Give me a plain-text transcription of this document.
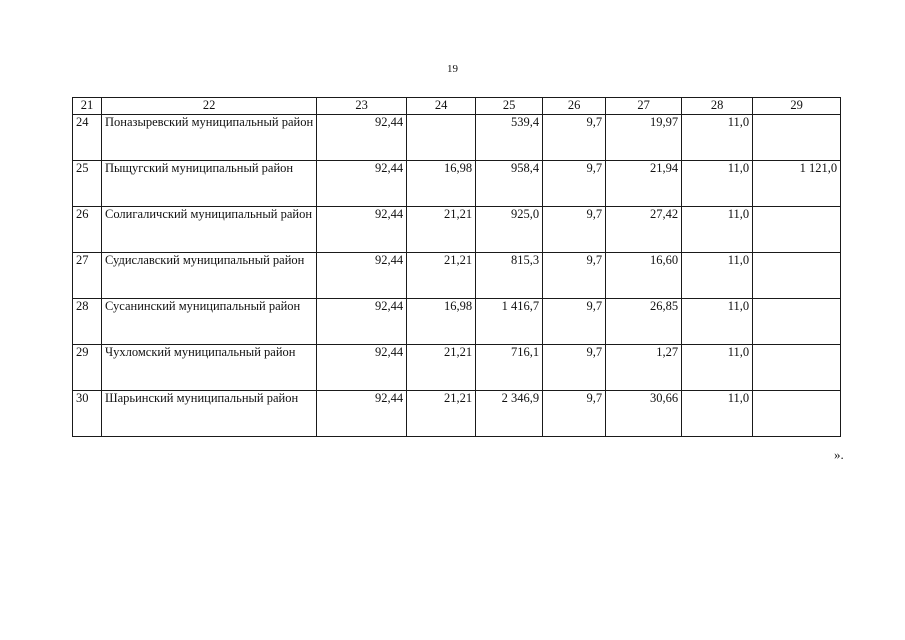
19
21	22	23	24	25	26	27	28	29
24	Поназыревский муниципальный район	92,44		539,4	9,7	19,97	11,0	
25	Пыщугский муниципальный район	92,44	16,98	958,4	9,7	21,94	11,0	1 121,0
26	Солигаличский муниципальный район	92,44	21,21	925,0	9,7	27,42	11,0	
27	Судиславский муниципальный район	92,44	21,21	815,3	9,7	16,60	11,0	
28	Сусанинский муниципальный район	92,44	16,98	1 416,7	9,7	26,85	11,0	
29	Чухломский муниципальный район	92,44	21,21	716,1	9,7	1,27	11,0	
30	Шарьинский муниципальный район	92,44	21,21	2 346,9	9,7	30,66	11,0	
».
